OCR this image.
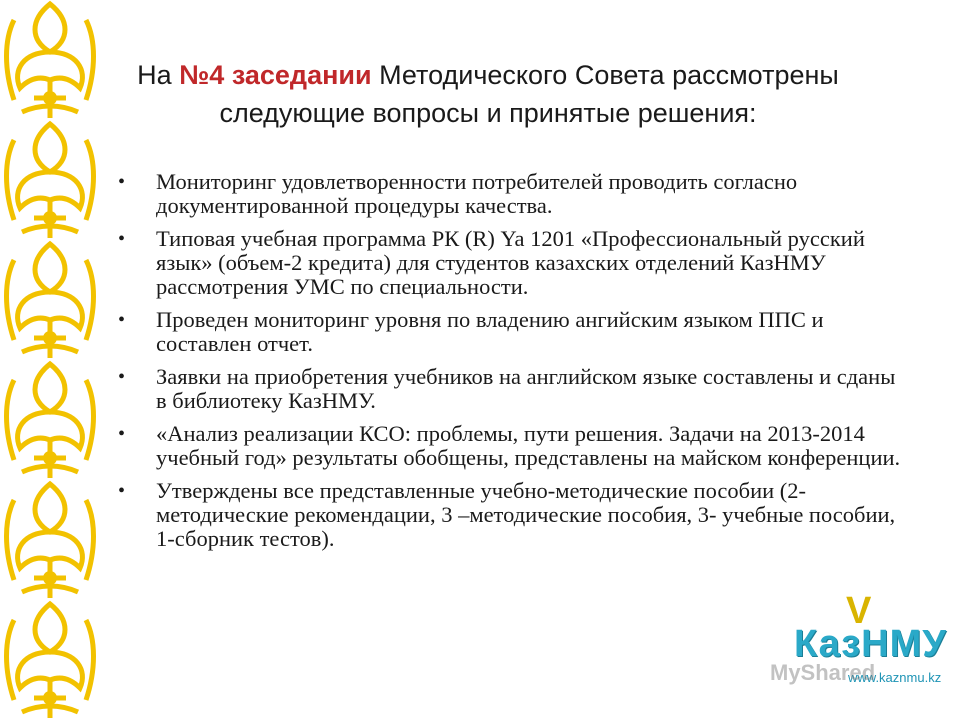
На №4 заседании Методического Совета рассмотрены следующие вопросы и принятые решения:
• Мониторинг удовлетворенности потребителей проводить согласно документированной процедуры качества.
• Типовая учебная программа РК (R) Ya 1201 «Профессиональный русский язык» (объем-2 кредита) для студентов казахских отделений КазНМУ рассмотрения УМС по специальности.
• Проведен мониторинг уровня по владению ангийским языком ППС и составлен отчет.
• Заявки на приобретения учебников на английском языке составлены и сданы в библиотеку КазНМУ.
• «Анализ реализации КСО: проблемы, пути решения. Задачи на 2013-2014 учебный год» результаты обобщены, представлены на майском конференции.
• Утверждены все представленные учебно-методические пособии (2-методические рекомендации, 3 –методические пособия, 3- учебные пособии, 1-сборник тестов).
V
КазНМУ
www.kaznmu.kz
MyShared
